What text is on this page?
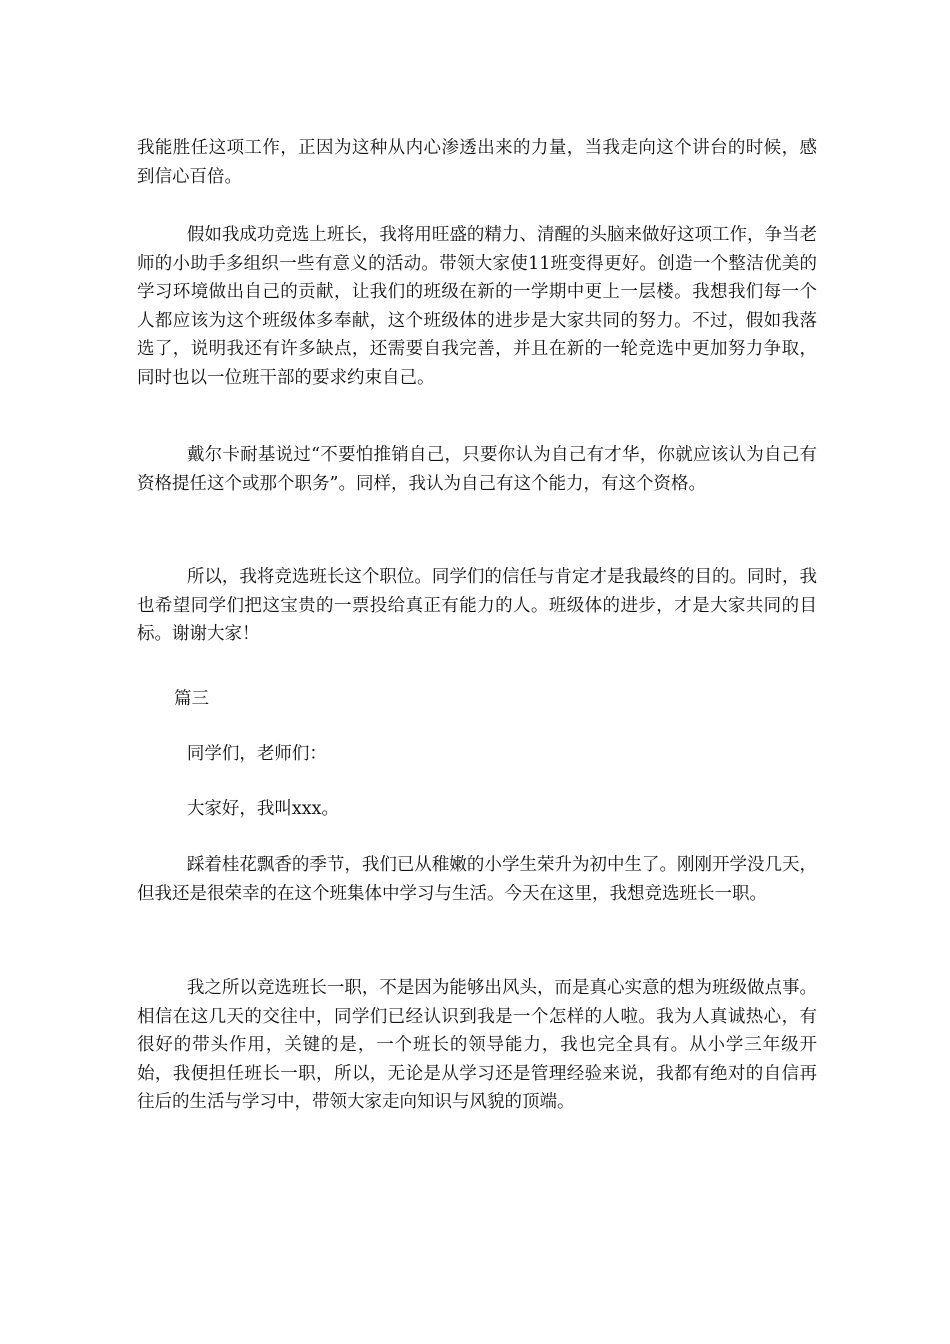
我能胜任这项工作，正因为这种从内心渗透出来的力量，当我走向这个讲台的时候，感到信心百倍。

假如我成功竞选上班长，我将用旺盛的精力、清醒的头脑来做好这项工作，争当老师的小助手多组织一些有意义的活动。带领大家使11班变得更好。创造一个整洁优美的学习环境做出自己的贡献，让我们的班级在新的一学期中更上一层楼。我想我们每一个人都应该为这个班级体多奉献，这个班级体的进步是大家共同的努力。不过，假如我落选了，说明我还有许多缺点，还需要自我完善，并且在新的一轮竞选中更加努力争取，同时也以一位班干部的要求约束自己。

戴尔卡耐基说过“不要怕推销自己，只要你认为自己有才华，你就应该认为自己有资格提任这个或那个职务”。同样，我认为自己有这个能力，有这个资格。

所以，我将竞选班长这个职位。同学们的信任与肯定才是我最终的目的。同时，我也希望同学们把这宝贵的一票投给真正有能力的人。班级体的进步，才是大家共同的目标。谢谢大家！

篇三

同学们，老师们：

大家好，我叫xxx。

踩着桂花飘香的季节，我们已从稚嫩的小学生荣升为初中生了。刚刚开学没几天，但我还是很荣幸的在这个班集体中学习与生活。今天在这里，我想竞选班长一职。

我之所以竞选班长一职，不是因为能够出风头，而是真心实意的想为班级做点事。相信在这几天的交往中，同学们已经认识到我是一个怎样的人啦。我为人真诚热心，有很好的带头作用，关键的是，一个班长的领导能力，我也完全具有。从小学三年级开始，我便担任班长一职，所以，无论是从学习还是管理经验来说，我都有绝对的自信再往后的生活与学习中，带领大家走向知识与风貌的顶端。
